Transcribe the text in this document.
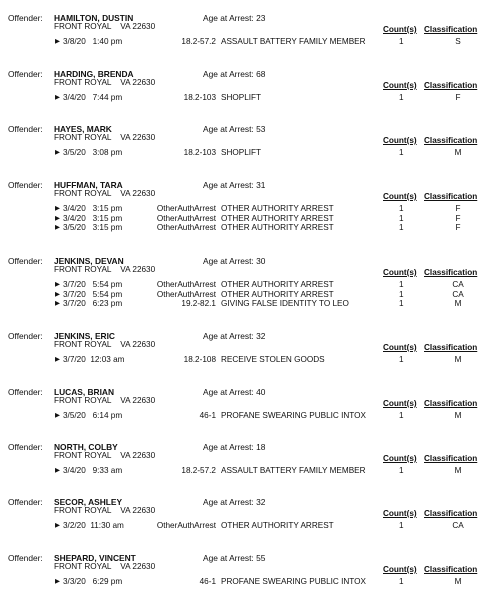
Offender: HAMILTON, DUSTIN	Age at Arrest: 23
FRONT ROYAL    VA 22630	Count(s) Classification
▶ 3/8/20   1:40 pm	18.2-57.2 ASSAULT BATTERY FAMILY MEMBER	1	S
Offender: HARDING, BRENDA	Age at Arrest: 68
FRONT ROYAL    VA 22630	Count(s) Classification
▶ 3/4/20   7:44 pm	18.2-103 SHOPLIFT	1	F
Offender: HAYES, MARK	Age at Arrest: 53
FRONT ROYAL    VA 22630	Count(s) Classification
▶ 3/5/20   3:08 pm	18.2-103 SHOPLIFT	1	M
Offender: HUFFMAN, TARA	Age at Arrest: 31
FRONT ROYAL    VA 22630	Count(s) Classification
▶ 3/4/20   3:15 pm	OtherAuthArrest OTHER AUTHORITY ARREST	1	F
▶ 3/4/20   3:15 pm	OtherAuthArrest OTHER AUTHORITY ARREST	1	F
▶ 3/5/20   3:15 pm	OtherAuthArrest OTHER AUTHORITY ARREST	1	F
Offender: JENKINS, DEVAN	Age at Arrest: 30
FRONT ROYAL    VA 22630	Count(s) Classification
▶ 3/7/20   5:54 pm	OtherAuthArrest OTHER AUTHORITY ARREST	1	CA
▶ 3/7/20   5:54 pm	OtherAuthArrest OTHER AUTHORITY ARREST	1	CA
▶ 3/7/20   6:23 pm	19.2-82.1 GIVING FALSE IDENTITY TO LEO	1	M
Offender: JENKINS, ERIC	Age at Arrest: 32
FRONT ROYAL    VA 22630	Count(s) Classification
▶ 3/7/20  12:03 am	18.2-108 RECEIVE STOLEN GOODS	1	M
Offender: LUCAS, BRIAN	Age at Arrest: 40
FRONT ROYAL    VA 22630	Count(s) Classification
▶ 3/5/20   6:14 pm	46-1 PROFANE SWEARING PUBLIC INTOX	1	M
Offender: NORTH, COLBY	Age at Arrest: 18
FRONT ROYAL    VA 22630	Count(s) Classification
▶ 3/4/20   9:33 am	18.2-57.2 ASSAULT BATTERY FAMILY MEMBER	1	M
Offender: SECOR, ASHLEY	Age at Arrest: 32
FRONT ROYAL    VA 22630	Count(s) Classification
▶ 3/2/20  11:30 am	OtherAuthArrest OTHER AUTHORITY ARREST	1	CA
Offender: SHEPARD, VINCENT	Age at Arrest: 55
FRONT ROYAL    VA 22630	Count(s) Classification
▶ 3/3/20   6:29 pm	46-1 PROFANE SWEARING PUBLIC INTOX	1	M
